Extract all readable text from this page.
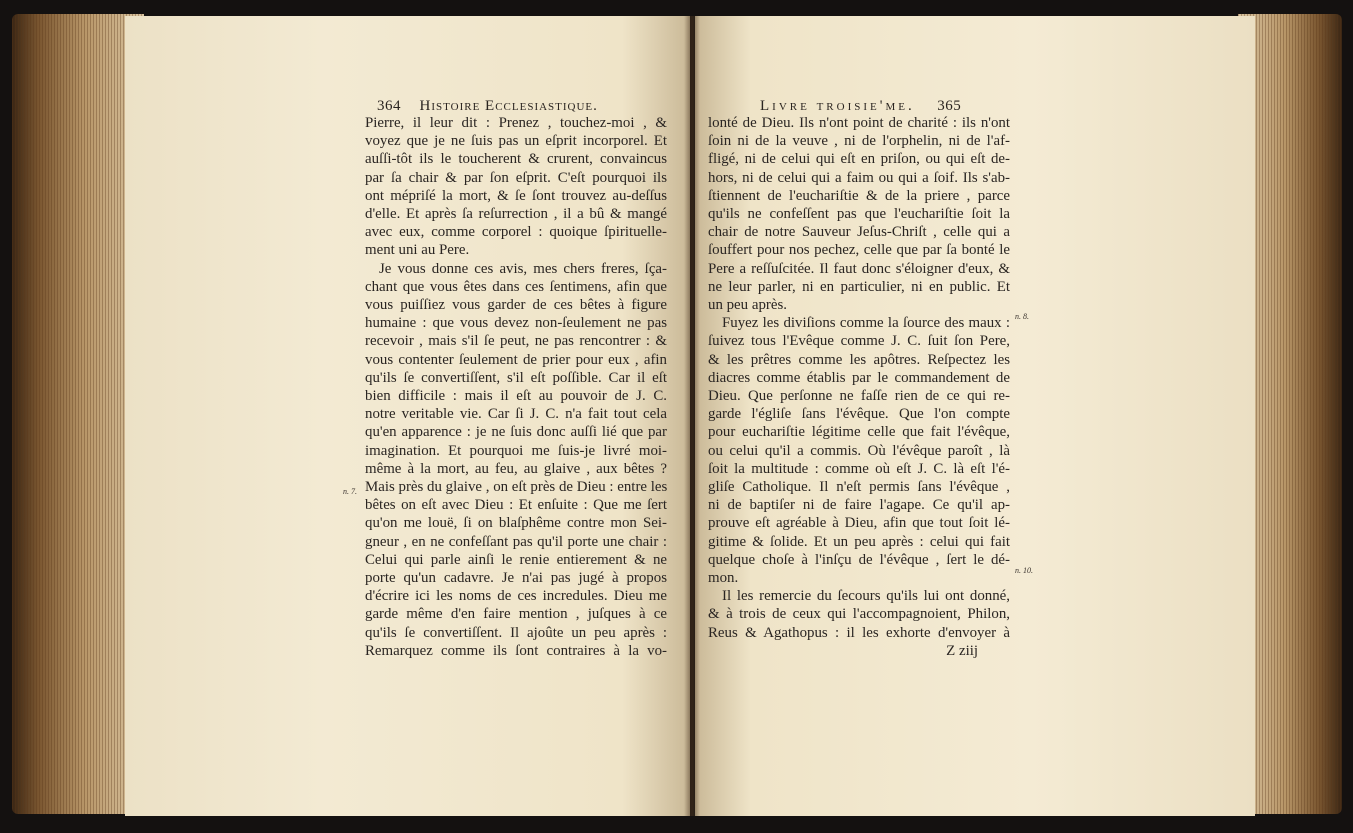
364 Histoire Ecclesiastique.
Pierre, il leur dit : Prenez , touchez-moi , &
voyez que je ne ſuis pas un eſprit incorporel. Et
auſſi-tôt ils le toucherent & crurent, convaincus
par ſa chair & par ſon eſprit. C'eſt pourquoi ils
ont mépriſé la mort, & ſe ſont trouvez au-deſſus
d'elle. Et après ſa reſurrection , il a bû & mangé
avec eux, comme corporel : quoique ſpirituelle-
ment uni au Pere.
Je vous donne ces avis, mes chers freres, ſça-
chant que vous êtes dans ces ſentimens, afin que
vous puiſſiez vous garder de ces bêtes à figure
humaine : que vous devez non-ſeulement ne pas
recevoir , mais s'il ſe peut, ne pas rencontrer : &
vous contenter ſeulement de prier pour eux , afin
qu'ils ſe convertiſſent, s'il eſt poſſible. Car il eſt
bien difficile : mais il eſt au pouvoir de J. C.
notre veritable vie. Car ſi J. C. n'a fait tout cela
qu'en apparence : je ne ſuis donc auſſi lié que par
imagination. Et pourquoi me ſuis-je livré moi-
même à la mort, au feu, au glaive , aux bêtes ?
Mais près du glaive , on eſt près de Dieu : entre les
bêtes on eſt avec Dieu : Et enſuite : Que me ſert
qu'on me louë, ſi on blaſphême contre mon Sei-
gneur , en ne confeſſant pas qu'il porte une chair :
Celui qui parle ainſi le renie entierement & ne
porte qu'un cadavre. Je n'ai pas jugé à propos
d'écrire ici les noms de ces incredules. Dieu me
garde même d'en faire mention , juſques à ce
qu'ils ſe convertiſſent. Il ajoûte un peu après :
Remarquez comme ils ſont contraires à la vo-
n. 7.
Livre troisie'me. 365
lonté de Dieu. Ils n'ont point de charité : ils n'ont
ſoin ni de la veuve , ni de l'orphelin, ni de l'af-
fligé, ni de celui qui eſt en priſon, ou qui eſt de-
hors, ni de celui qui a faim ou qui a ſoif. Ils s'ab-
ſtiennent de l'euchariſtie & de la priere , parce
qu'ils ne confeſſent pas que l'euchariſtie ſoit la
chair de notre Sauveur Jeſus-Chriſt , celle qui a
ſouffert pour nos pechez, celle que par ſa bonté le
Pere a reſſuſcitée. Il faut donc s'éloigner d'eux, &
ne leur parler, ni en particulier, ni en public. Et
un peu après.
Fuyez les diviſions comme la ſource des maux :
ſuivez tous l'Evêque comme J. C. ſuit ſon Pere,
& les prêtres comme les apôtres. Reſpectez les
diacres comme établis par le commandement de
Dieu. Que perſonne ne faſſe rien de ce qui re-
garde l'égliſe ſans l'évêque. Que l'on compte
pour euchariſtie légitime celle que fait l'évêque,
ou celui qu'il a commis. Où l'évêque paroît , là
ſoit la multitude : comme où eſt J. C. là eſt l'é-
gliſe Catholique. Il n'eſt permis ſans l'évêque ,
ni de baptiſer ni de faire l'agape. Ce qu'il ap-
prouve eſt agréable à Dieu, afin que tout ſoit lé-
gitime & ſolide. Et un peu après : celui qui fait
quelque choſe à l'inſçu de l'évêque , ſert le dé-
mon.
Il les remercie du ſecours qu'ils lui ont donné,
& à trois de ceux qui l'accompagnoient, Philon,
Reus & Agathopus : il les exhorte d'envoyer à
Z ziij
n. 8.
n. 10.
